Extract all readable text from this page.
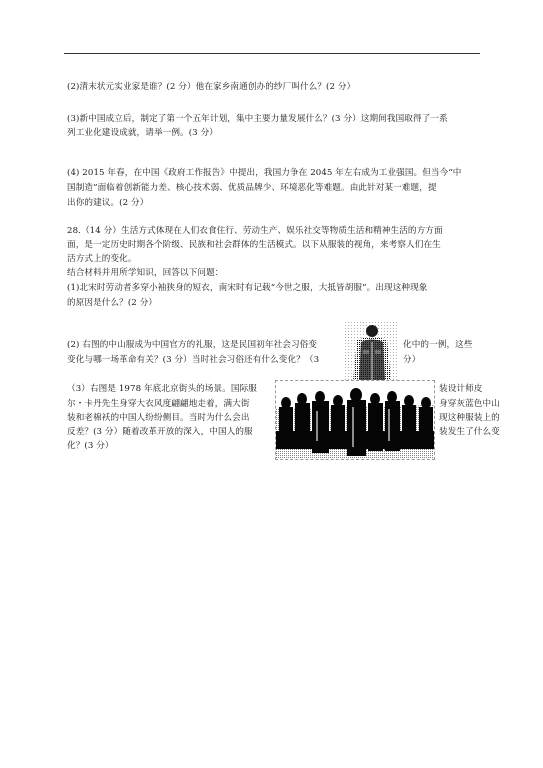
(2)清末状元实业家是谁？(2 分）他在家乡南通创办的纱厂叫什么？(2 分）
(3)新中国成立后，制定了第一个五年计划，集中主要力量发展什么？(3 分）这期间我国取得了一系
列工业化建设成就，请举一例。(3 分）
(4) 2015 年春，在中国《政府工作报告》中提出，我国力争在 2045 年左右成为工业强国。但当今“中
国制造”面临着创新能力差、核心技术弱、优质品牌少、环境恶化等难题。由此针对某一难题，提
出你的建议。(2 分）
28.（14 分）生活方式体现在人们衣食住行、劳动生产、娱乐社交等物质生活和精神生活的方方面
面，是一定历史时期各个阶级、民族和社会群体的生活模式。以下从服装的视角，来考察人们在生
活方式上的变化。
结合材料并用所学知识，回答以下问题：
(1)北宋时劳动者多穿小袖狭身的短衣，南宋时有记载“今世之服，大抵皆胡服”。出现这种现象
的原因是什么？(2 分）
(2) 右图的中山服成为中国官方的礼服，这是民国初年社会习俗变
变化与哪一场革命有关？(3 分）当时社会习俗还有什么变化？（3
化中的一例，这些
分）
（3）右图是 1978 年底北京街头的场景。国际服
尔・卡丹先生身穿大衣风度翩翩地走着，满大街
装和老棉袄的中国人纷纷侧目。当时为什么会出
反差？(3 分）随着改革开放的深入，中国人的服
化？(3 分）
装设计师皮
身穿灰蓝色中山
现这种服装上的
装发生了什么变
